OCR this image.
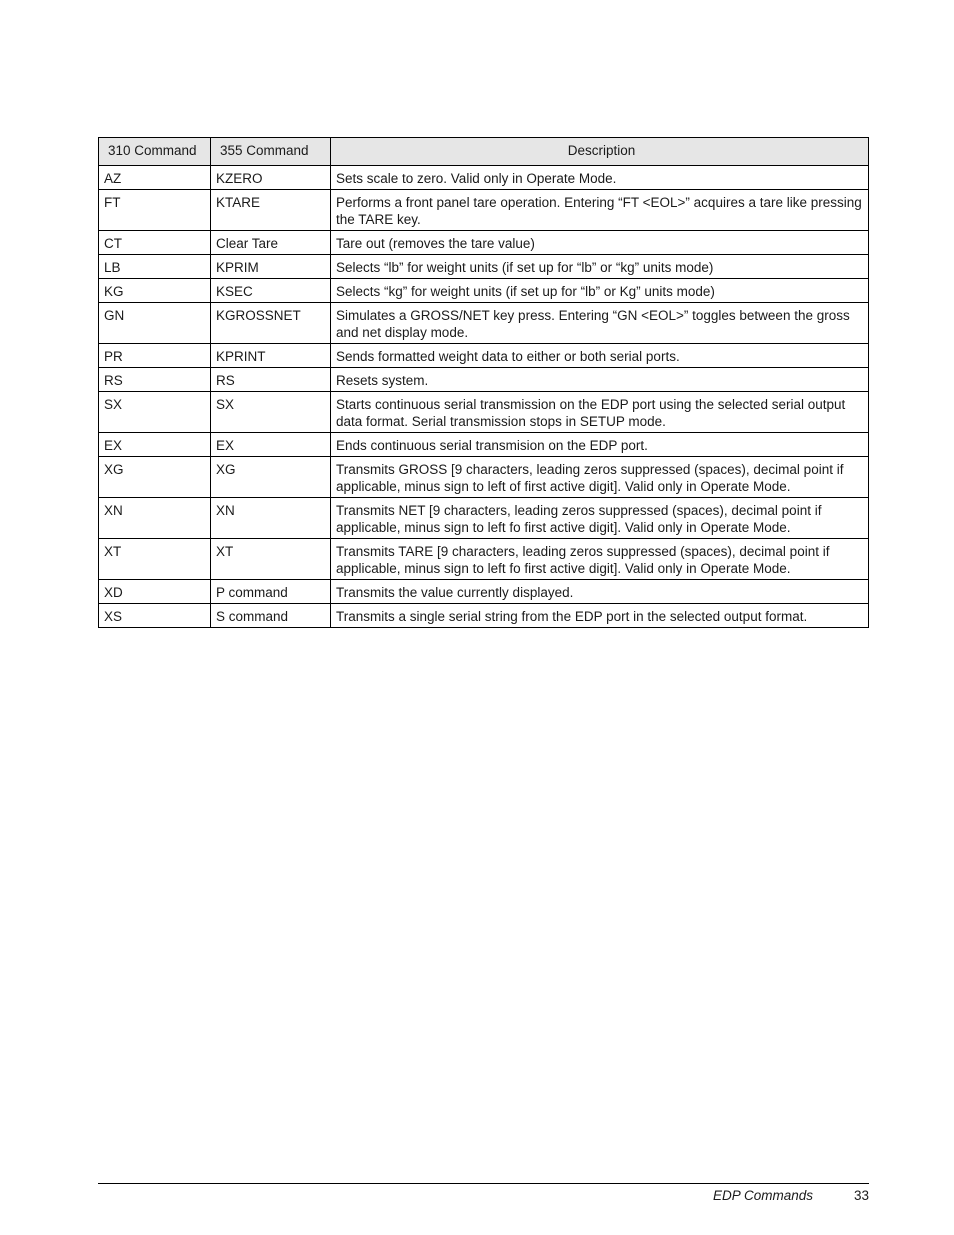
310 Command	355 Command	Description
AZ	KZERO	Sets scale to zero. Valid only in Operate Mode.
FT	KTARE	Performs a front panel tare operation. Entering “FT <EOL>” acquires a tare like pressing the TARE key.
CT	Clear Tare	Tare out (removes the tare value)
LB	KPRIM	Selects “lb” for weight units (if set up for “lb” or “kg” units mode)
KG	KSEC	Selects “kg” for weight units (if set up for “lb” or Kg” units mode)
GN	KGROSSNET	Simulates a GROSS/NET key press. Entering “GN <EOL>” toggles between the gross and net display mode.
PR	KPRINT	Sends formatted weight data to either or both serial ports.
RS	RS	Resets system.
SX	SX	Starts continuous serial transmission on the EDP port using the selected serial output data format. Serial transmission stops in SETUP mode.
EX	EX	Ends continuous serial transmision on the EDP port.
XG	XG	Transmits GROSS [9 characters, leading zeros suppressed (spaces), decimal point if applicable, minus sign to left of first active digit]. Valid only in Operate Mode.
XN	XN	Transmits NET [9 characters, leading zeros suppressed (spaces), decimal point if applicable, minus sign to left fo first active digit]. Valid only in Operate Mode.
XT	XT	Transmits TARE [9 characters, leading zeros suppressed (spaces), decimal point if applicable, minus sign to left fo first active digit]. Valid only in Operate Mode.
XD	P command	Transmits the value currently displayed.
XS	S command	Transmits a single serial string from the EDP port in the selected output format.
EDP Commands	33
